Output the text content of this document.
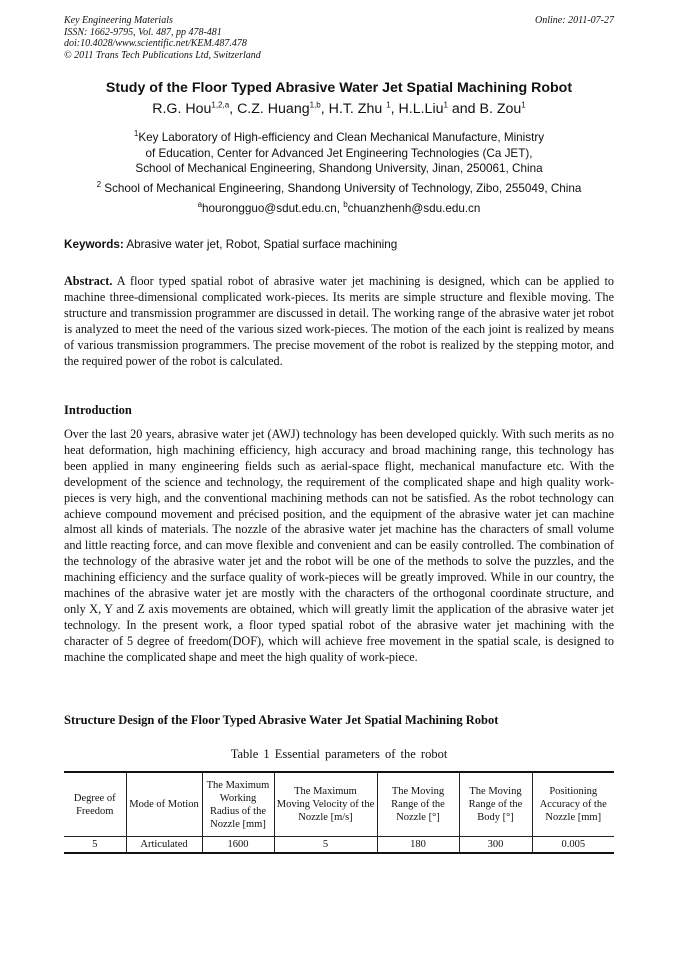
Key Engineering Materials
ISSN: 1662-9795, Vol. 487, pp 478-481
doi:10.4028/www.scientific.net/KEM.487.478
© 2011 Trans Tech Publications Ltd, Switzerland
Online: 2011-07-27
Study of the Floor Typed Abrasive Water Jet Spatial Machining Robot
R.G. Hou$^{1,2,a}$, C.Z. Huang$^{1,b}$, H.T. Zhu $^1$, H.L.Liu$^1$ and B. Zou$^1$
$^1$Key Laboratory of High-efficiency and Clean Mechanical Manufacture, Ministry
of Education, Center for Advanced Jet Engineering Technologies (Ca JET),
School of Mechanical Engineering, Shandong University, Jinan, 250061, China
$^2$ School of Mechanical Engineering, Shandong University of Technology, Zibo, 255049, China
$^a$hourongguo@sdut.edu.cn, $^b$chuanzhenh@sdu.edu.cn
Keywords: Abrasive water jet, Robot, Spatial surface machining

Abstract. A floor typed spatial robot of abrasive water jet machining is designed, which can be applied to machine three-dimensional complicated work-pieces. Its merits are simple structure and flexible moving. The structure and transmission programmer are discussed in detail. The working range of the abrasive water jet robot is analyzed to meet the need of the various sized work-pieces. The motion of the each joint is realized by means of various transmission programmers. The precise movement of the robot is realized by the stepping motor, and the required power of the robot is calculated.

Introduction

Over the last 20 years, abrasive water jet (AWJ) technology has been developed quickly. With such merits as no heat deformation, high machining efficiency, high accuracy and broad machining range, this technology has been applied in many engineering fields such as aerial-space flight, mechanical manufacture etc. With the development of the science and technology, the requirement of the complicated shape and high quality work-pieces is very high, and the conventional machining methods can not be satisfied. As the robot technology can achieve compound movement and précised position, and the equipment of the abrasive water jet can machine almost all kinds of materials. The nozzle of the abrasive water jet machine has the characters of small volume and little reacting force, and can move flexible and convenient and can be easily controlled. The combination of the technology of the abrasive water jet and the robot will be one of the methods to solve the puzzles, and the machining efficiency and the surface quality of work-pieces will be greatly improved. While in our country, the machines of the abrasive water jet are mostly with the characters of the orthogonal coordinate structure, and only X, Y and Z axis movements are obtained, which will greatly limit the application of the abrasive water jet technology. In the present work, a floor typed spatial robot of the abrasive water jet machining with the character of 5 degree of freedom(DOF), which will achieve free movement in the spatial scale, is designed to machine the complicated shape and meet the high quality of work-piece.

Structure Design of the Floor Typed Abrasive Water Jet Spatial Machining Robot
Table 1 Essential parameters of the robot
Degree of Freedom	Mode of Motion	The Maximum Working Radius of the Nozzle [mm]	The Maximum Moving Velocity of the Nozzle [m/s]	The Moving Range of the Nozzle [°]	The Moving Range of the Body [°]	Positioning Accuracy of the Nozzle [mm]
5	Articulated	1600	5	180	300	0.005
